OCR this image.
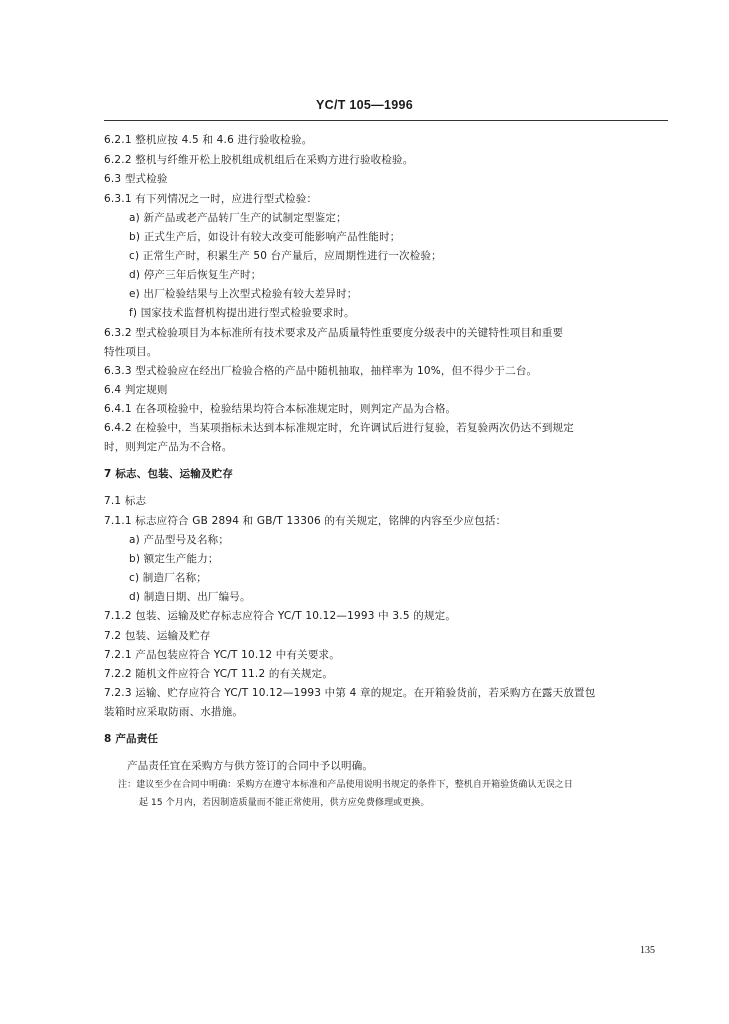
YC/T 105—1996
6.2.1 整机应按 4.5 和 4.6 进行验收检验。
6.2.2 整机与纤维开松上胶机组成机组后在采购方进行验收检验。
6.3 型式检验
6.3.1 有下列情况之一时，应进行型式检验：
a) 新产品或老产品转厂生产的试制定型鉴定；
b) 正式生产后，如设计有较大改变可能影响产品性能时；
c) 正常生产时，积累生产 50 台产量后，应周期性进行一次检验；
d) 停产三年后恢复生产时；
e) 出厂检验结果与上次型式检验有较大差异时；
f) 国家技术监督机构提出进行型式检验要求时。
6.3.2 型式检验项目为本标准所有技术要求及产品质量特性重要度分级表中的关键特性项目和重要
特性项目。
6.3.3 型式检验应在经出厂检验合格的产品中随机抽取，抽样率为 10%，但不得少于二台。
6.4 判定规则
6.4.1 在各项检验中，检验结果均符合本标准规定时，则判定产品为合格。
6.4.2 在检验中，当某项指标未达到本标准规定时，允许调试后进行复验，若复验两次仍达不到规定
时，则判定产品为不合格。
7 标志、包装、运输及贮存
7.1 标志
7.1.1 标志应符合 GB 2894 和 GB/T 13306 的有关规定，铭牌的内容至少应包括：
a) 产品型号及名称；
b) 额定生产能力；
c) 制造厂名称；
d) 制造日期、出厂编号。
7.1.2 包装、运输及贮存标志应符合 YC/T 10.12—1993 中 3.5 的规定。
7.2 包装、运输及贮存
7.2.1 产品包装应符合 YC/T 10.12 中有关要求。
7.2.2 随机文件应符合 YC/T 11.2 的有关规定。
7.2.3 运输、贮存应符合 YC/T 10.12—1993 中第 4 章的规定。在开箱验货前，若采购方在露天放置包
装箱时应采取防雨、水措施。
8 产品责任
产品责任宜在采购方与供方签订的合同中予以明确。
注：建议至少在合同中明确：采购方在遵守本标准和产品使用说明书规定的条件下，整机自开箱验货确认无误之日
起 15 个月内，若因制造质量而不能正常使用，供方应免费修理或更换。
135
